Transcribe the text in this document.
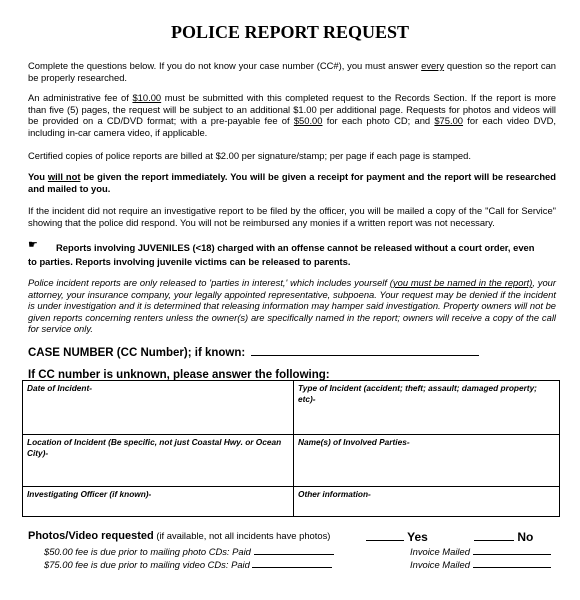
POLICE REPORT REQUEST
Complete the questions below. If you do not know your case number (CC#), you must answer every question so the report can be properly researched.
An administrative fee of $10.00 must be submitted with this completed request to the Records Section. If the report is more than five (5) pages, the request will be subject to an additional $1.00 per additional page. Requests for photos and videos will be provided on a CD/DVD format; with a pre-payable fee of $50.00 for each photo CD; and $75.00 for each video DVD, including in-car camera video, if applicable.
Certified copies of police reports are billed at $2.00 per signature/stamp; per page if each page is stamped.
You will not be given the report immediately. You will be given a receipt for payment and the report will be researched and mailed to you.
If the incident did not require an investigative report to be filed by the officer, you will be mailed a copy of the "Call for Service" showing that the police did respond. You will not be reimbursed any monies if a written report was not necessary.
☛ Reports involving JUVENILES (<18) charged with an offense cannot be released without a court order, even
to parties. Reports involving juvenile victims can be released to parents.
Police incident reports are only released to 'parties in interest,' which includes yourself (you must be named in the report), your attorney, your insurance company, your legally appointed representative, subpoena. Your request may be denied if the incident is under investigation and it is determined that releasing information may hamper said investigation. Property owners will not be given reports concerning renters unless the owner(s) are specifically named in the report; owners will receive a copy of the call for service only.
CASE NUMBER (CC Number); if known:
If CC number is unknown, please answer the following:
Date of Incident-	Type of Incident (accident; theft; assault; damaged property; etc)-
Location of Incident (Be specific, not just Coastal Hwy. or Ocean City)-	Name(s) of Involved Parties-
Investigating Officer (if known)-	Other information-
Photos/Video requested (if available, not all incidents have photos)	Yes	No
$50.00 fee is due prior to mailing photo CDs: Paid
$75.00 fee is due prior to mailing video CDs: Paid
Invoice Mailed
Invoice Mailed
